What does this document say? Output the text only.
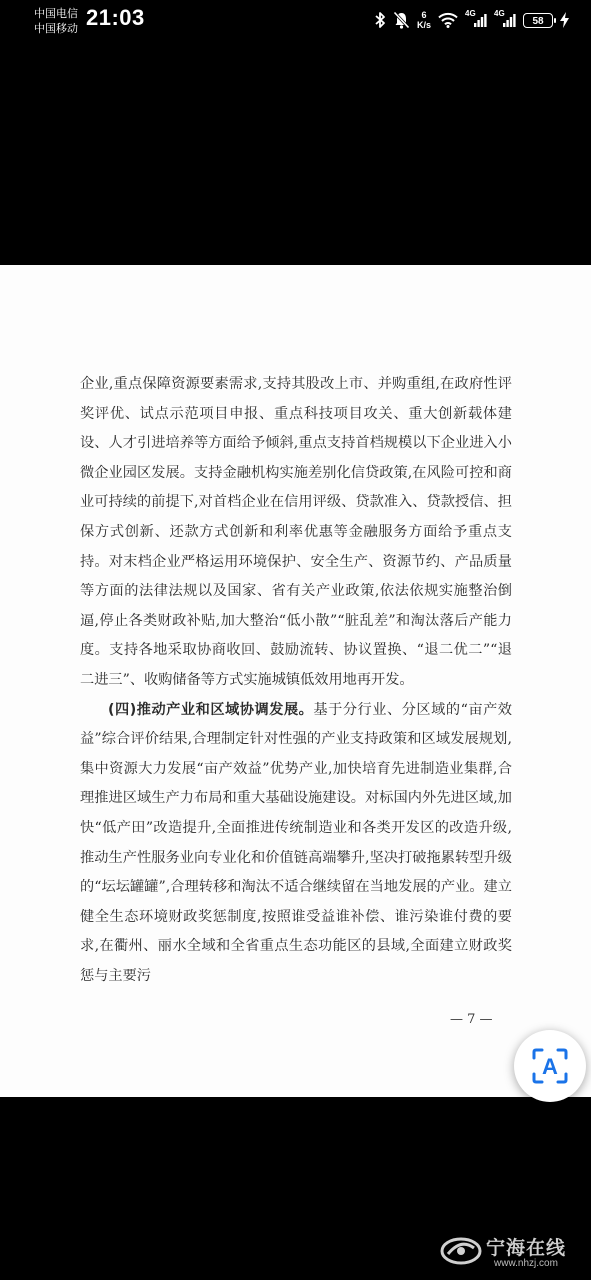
中国电信
中国移动 21:03	6
K/s
4G 4G
58

企业,重点保障资源要素需求,支持其股改上市、并购重组,在政府性评奖评优、试点示范项目申报、重点科技项目攻关、重大创新载体建设、人才引进培养等方面给予倾斜,重点支持首档规模以下企业进入小微企业园区发展。支持金融机构实施差别化信贷政策,在风险可控和商业可持续的前提下,对首档企业在信用评级、贷款准入、贷款授信、担保方式创新、还款方式创新和利率优惠等金融服务方面给予重点支持。对末档企业严格运用环境保护、安全生产、资源节约、产品质量等方面的法律法规以及国家、省有关产业政策,依法依规实施整治倒逼,停止各类财政补贴,加大整治“低小散”“脏乱差”和淘汰落后产能力度。支持各地采取协商收回、鼓励流转、协议置换、“退二优二”“退二进三”、收购储备等方式实施城镇低效用地再开发。

(四)推动产业和区域协调发展。基于分行业、分区域的“亩产效益”综合评价结果,合理制定针对性强的产业支持政策和区域发展规划,集中资源大力发展“亩产效益”优势产业,加快培育先进制造业集群,合理推进区域生产力布局和重大基础设施建设。对标国内外先进区域,加快“低产田”改造提升,全面推进传统制造业和各类开发区的改造升级,推动生产性服务业向专业化和价值链高端攀升,坚决打破拖累转型升级的“坛坛罐罐”,合理转移和淘汰不适合继续留在当地发展的产业。建立健全生态环境财政奖惩制度,按照谁受益谁补偿、谁污染谁付费的要求,在衢州、丽水全域和全省重点生态功能区的县域,全面建立财政奖惩与主要污

— 7 —
A
宁海在线
www.nhzj.com
